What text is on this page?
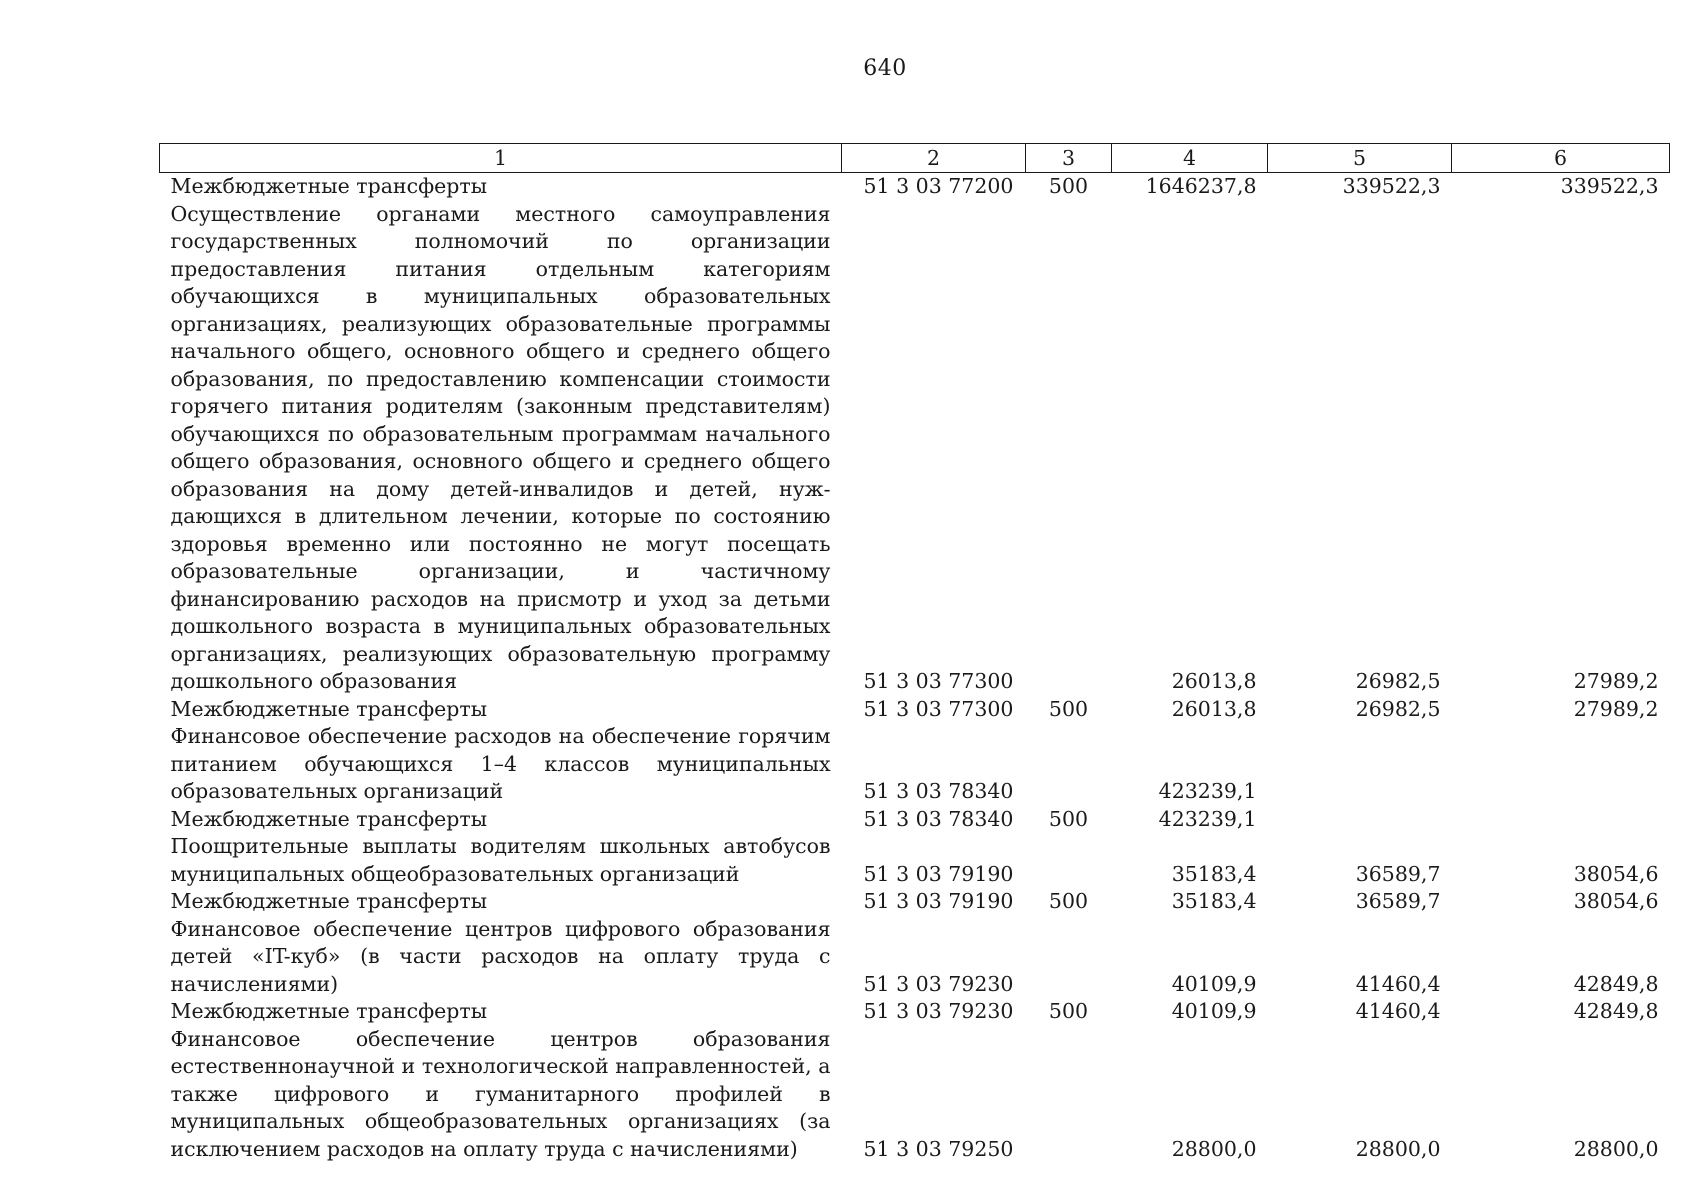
640
1	2	3	4	5	6
Межбюджетные трансферты	51 3 03 77200	500	1646237,8	339522,3	339522,3
Осуществление органами местного самоуправления государственных полномочий по организации предоставления питания отдельным категориям обучающихся в муниципальных образовательных организациях, реализующих образовательные программы начального общего, основного общего и среднего общего образования, по предоставлению компенсации стоимости горячего питания родителям (законным представителям) обучающихся по образовательным программам начального общего образования, основного общего и среднего общего образования на дому детей-инвалидов и детей, нуждающихся в длительном лечении, которые по состоянию здоровья временно или постоянно не могут посещать образовательные организации, и частичному финансированию расходов на присмотр и уход за детьми дошкольного возраста в муниципальных образовательных организациях, реализующих образовательную программу дошкольного образования	51 3 03 77300		26013,8	26982,5	27989,2
Межбюджетные трансферты	51 3 03 77300	500	26013,8	26982,5	27989,2
Финансовое обеспечение расходов на обеспечение горячим питанием обучающихся 1–4 классов муниципальных образовательных организаций	51 3 03 78340		423239,1		
Межбюджетные трансферты	51 3 03 78340	500	423239,1		
Поощрительные выплаты водителям школьных автобусов муниципальных общеобразовательных организаций	51 3 03 79190		35183,4	36589,7	38054,6
Межбюджетные трансферты	51 3 03 79190	500	35183,4	36589,7	38054,6
Финансовое обеспечение центров цифрового образования детей «IT-куб» (в части расходов на оплату труда с начислениями)	51 3 03 79230		40109,9	41460,4	42849,8
Межбюджетные трансферты	51 3 03 79230	500	40109,9	41460,4	42849,8
Финансовое обеспечение центров образования естественнонаучной и технологической направленностей, а также цифрового и гуманитарного профилей в муниципальных общеобразовательных организациях (за исключением расходов на оплату труда с начислениями)	51 3 03 79250		28800,0	28800,0	28800,0
